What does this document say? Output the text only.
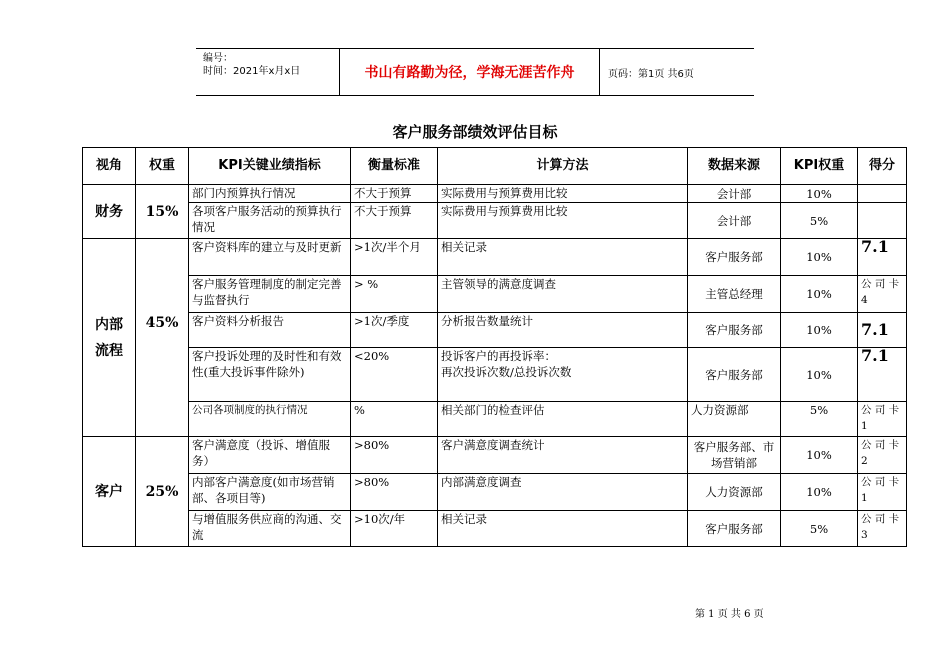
编号：
时间：2021年x月x日	书山有路勤为径，学海无涯苦作舟	页码：第1页 共6页
客户服务部绩效评估目标
视角	权重	KPI关键业绩指标	衡量标准	计算方法	数据来源	KPI权重	得分
财务	15%	部门内预算执行情况	不大于预算	实际费用与预算费用比较	会计部	10%	
		各项客户服务活动的预算执行情况	不大于预算	实际费用与预算费用比较	会计部	5%	

内部
流程	45%	客户资料库的建立与及时更新	>1次/半个月	相关记录	客户服务部	10%	7.1
		客户服务管理制度的制定完善与监督执行	> %	主管领导的满意度调查	主管总经理	10%	公 司 卡4
		客户资料分析报告	>1次/季度	分析报告数量统计	客户服务部	10%	7.1
		客户投诉处理的及时性和有效性(重大投诉事件除外)	<20%	投诉客户的再投诉率：
再次投诉次数/总投诉次数	客户服务部	10%	7.1
		公司各项制度的执行情况	%	相关部门的检查评估	人力资源部	5%	公 司 卡1
客户	25%	客户满意度（投诉、增值服务）	>80%	客户满意度调查统计	客户服务部、市场营销部	10%	公 司 卡2
		内部客户满意度(如市场营销部、各项目等)	>80%	内部满意度调查	人力资源部	10%	公 司 卡1
		与增值服务供应商的沟通、交流	>10次/年	相关记录	客户服务部	5%	公 司 卡3
第 1 页 共 6 页
